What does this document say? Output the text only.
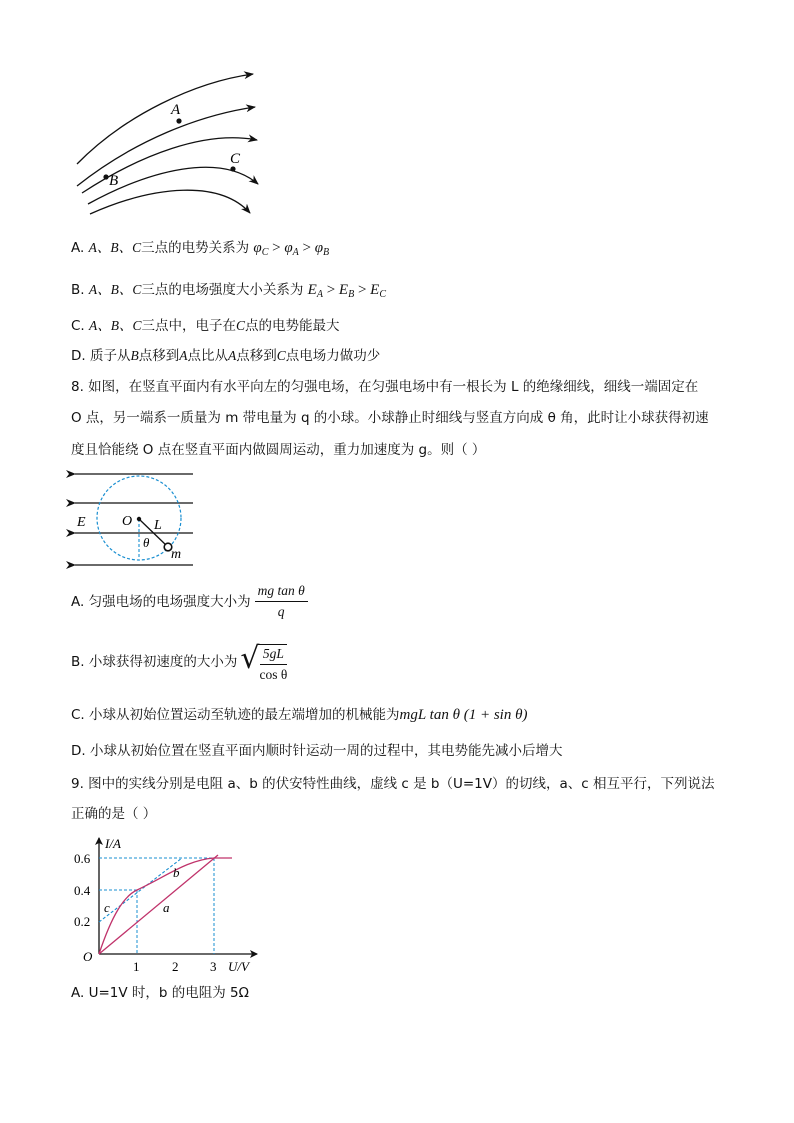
A
B
C
A. A、B、C三点的电势关系为 $\varphi_C > \varphi_A > \varphi_B$
B. A、B、C三点的电场强度大小关系为 $E_A > E_B > E_C$
C. A、B、C三点中，电子在C点的电势能最大
D. 质子从B点移到A点比从A点移到C点电场力做功少
8. 如图，在竖直平面内有水平向左的匀强电场，在匀强电场中有一根长为 L 的绝缘细线，细线一端固定在
O 点，另一端系一质量为 m 带电量为 q 的小球。小球静止时细线与竖直方向成 θ 角，此时让小球获得初速
度且恰能绕 O 点在竖直平面内做圆周运动，重力加速度为 g。则（ ）
E	O L
θ
m
A. 匀强电场的电场强度大小为 $\frac{\text{mg tan θ}}{q}$
B. 小球获得初速度的大小为 √ $\frac{5gL}{\text{cos θ}}$
C. 小球从初始位置运动至轨迹的最左端增加的机械能为mgL tan θ (1 + sin θ)
D. 小球从初始位置在竖直平面内顺时针运动一周的过程中，其电势能先减小后增大
9. 图中的实线分别是电阻 a、b 的伏安特性曲线，虚线 c 是 b（U=1V）的切线，a、c 相互平行，下列说法
正确的是（ ）
0.6
0.4
0.2
1	2 3
O
I/A
U/V
a
b
c
A. U=1V 时，b 的电阻为 5Ω
